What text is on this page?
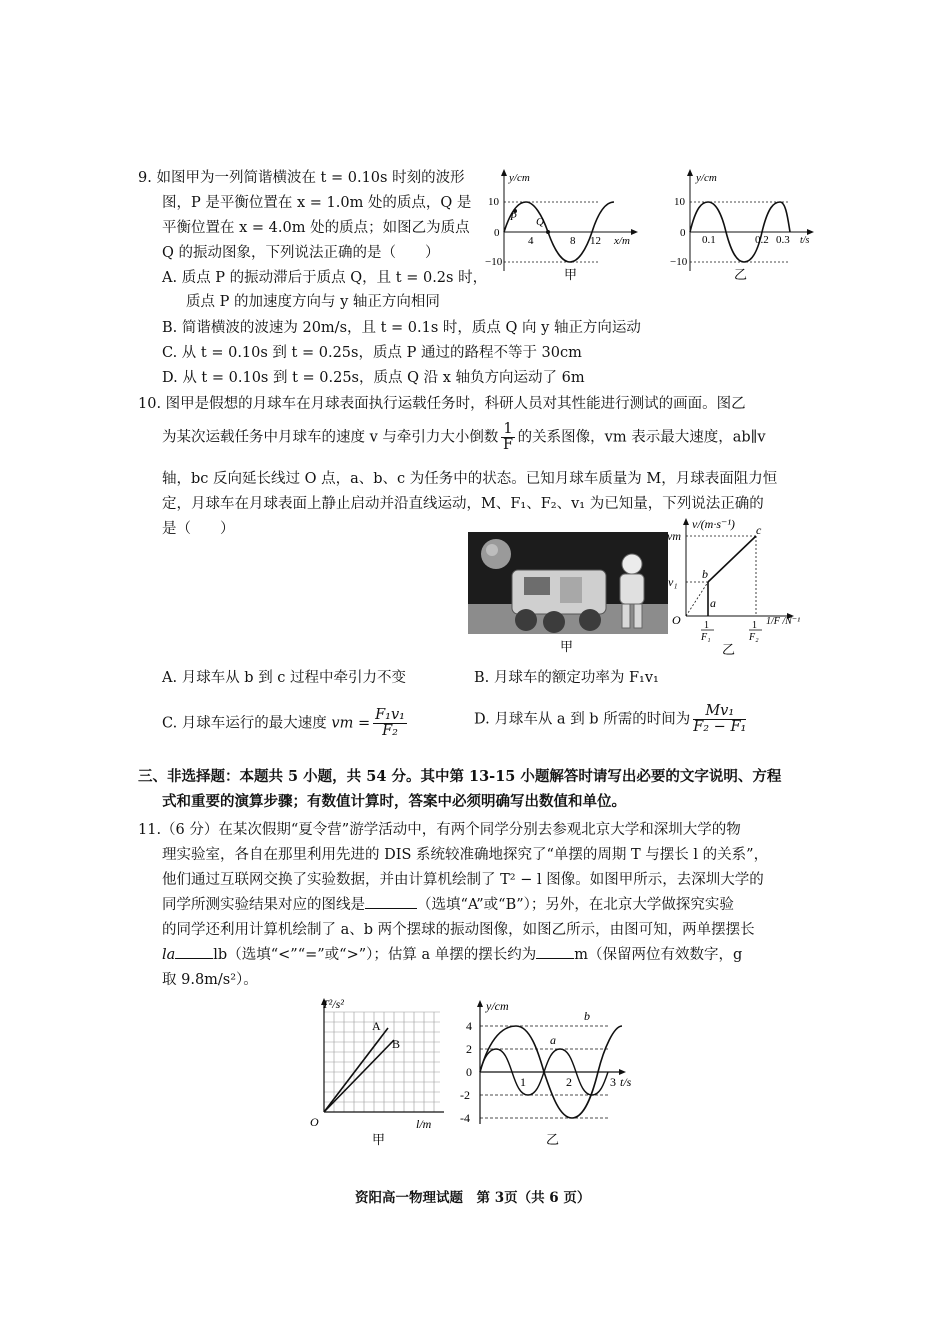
9. 如图甲为一列简谐横波在 t = 0.10s 时刻的波形
图，P 是平衡位置在 x = 1.0m 处的质点，Q 是
平衡位置在 x = 4.0m 处的质点；如图乙为质点
Q 的振动图象，下列说法正确的是（　　）
A. 质点 P 的振动滞后于质点 Q，且 t = 0.2s 时，
质点 P 的加速度方向与 y 轴正方向相同
B. 简谐横波的波速为 20m/s，且 t = 0.1s 时，质点 Q 向 y 轴正方向运动
C. 从 t = 0.10s 到 t = 0.25s，质点 P 通过的路程不等于 30cm
D. 从 t = 0.10s 到 t = 0.25s，质点 Q 沿 x 轴负方向运动了 6m
y/cm
10
−10
0
P Q
4	8 12 x/m
甲
y/cm
10
−10
0
0.1	0.2 0.3 t/s
乙
10. 图甲是假想的月球车在月球表面执行运载任务时，科研人员对其性能进行测试的画面。图乙
为某次运载任务中月球车的速度 v 与牵引力大小倒数 $\frac{1}{F}$ 的关系图像，vm 表示最大速度，ab∥v
轴，bc 反向延长线过 O 点，a、b、c 为任务中的状态。已知月球车质量为 M，月球表面阻力恒
定，月球车在月球表面上静止启动并沿直线运动，M、F₁、F₂、v₁ 为已知量，下列说法正确的
是（　　）
甲
v/(m·s⁻¹)
vm
v₁
a
b
c
O 1
F₁
1
F₂
1/F /N⁻¹
乙
A. 月球车从 b 到 c 过程中牵引力不变	B. 月球车的额定功率为 F₁v₁
C. 月球车运行的最大速度 vm = $\frac{\text{F₁v₁}}{\text{F₂}}$	D. 月球车从 a 到 b 所需的时间为 $\frac{\text{Mv₁}}{\text{F₂ − F₁}}$
三、非选择题：本题共 5 小题，共 54 分。其中第 13-15 小题解答时请写出必要的文字说明、方程
式和重要的演算步骤；有数值计算时，答案中必须明确写出数值和单位。
11.（6 分）在某次假期“夏令营”游学活动中，有两个同学分别去参观北京大学和深圳大学的物
理实验室，各自在那里利用先进的 DIS 系统较准确地探究了“单摆的周期 T 与摆长 l 的关系”，
他们通过互联网交换了实验数据，并由计算机绘制了 T² − l 图像。如图甲所示，去深圳大学的
同学所测实验结果对应的图线是	（选填“A”或“B”）；另外，在北京大学做探究实验
的同学还利用计算机绘制了 a、b 两个摆球的振动图像，如图乙所示，由图可知，两单摆摆长
la	lb（选填“<”“=”或“>”）；估算 a 单摆的摆长约为	m（保留两位有效数字，g
取 9.8m/s²）。
T²/s²
A
B
O	l/m
甲
y/cm
4
2
0
-2
-4
1	2	3 t/s
a
b
乙
资阳高一物理试题　第 3页（共 6 页）
